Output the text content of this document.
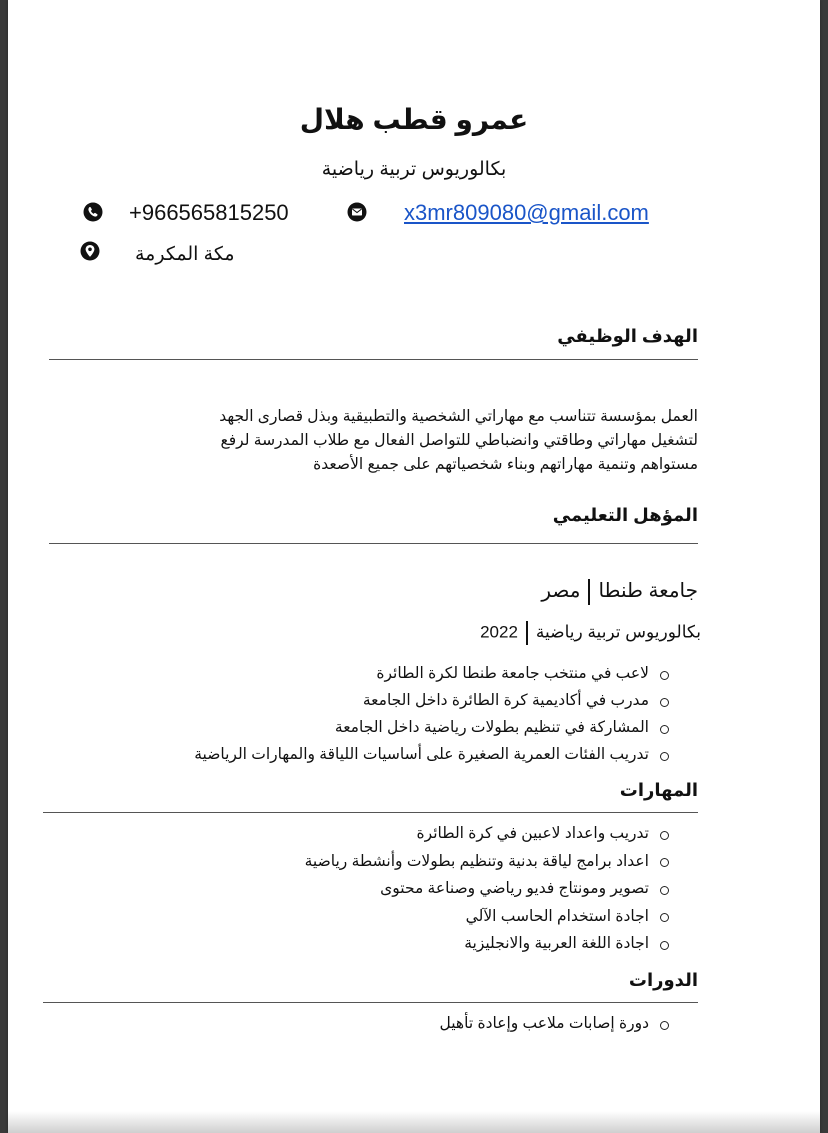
عمرو قطب هلال
بكالوريوس تربية رياضية
+966565815250	x3mr809080@gmail.com
مكة المكرمة
الهدف الوظيفي
العمل بمؤسسة تتناسب مع مهاراتي الشخصية والتطبيقية وبذل قصارى الجهد
لتشغيل مهاراتي وطاقتي وانضباطي للتواصل الفعال مع طلاب المدرسة لرفع
مستواهم وتنمية مهاراتهم وبناء شخصياتهم على جميع الأصعدة
المؤهل التعليمي
جامعة طنطامصر
بكالوريوس تربية رياضية2022
لاعب في منتخب جامعة طنطا لكرة الطائرة
مدرب في أكاديمية كرة الطائرة داخل الجامعة
المشاركة في تنظيم بطولات رياضية داخل الجامعة
تدريب الفئات العمرية الصغيرة على أساسيات اللياقة والمهارات الرياضية
المهارات
تدريب واعداد لاعبين في كرة الطائرة
اعداد برامج لياقة بدنية وتنظيم بطولات وأنشطة رياضية
تصوير ومونتاج فديو رياضي وصناعة محتوى
اجادة استخدام الحاسب الآلي
اجادة اللغة العربية والانجليزية
الدورات
دورة إصابات ملاعب وإعادة تأهيل
